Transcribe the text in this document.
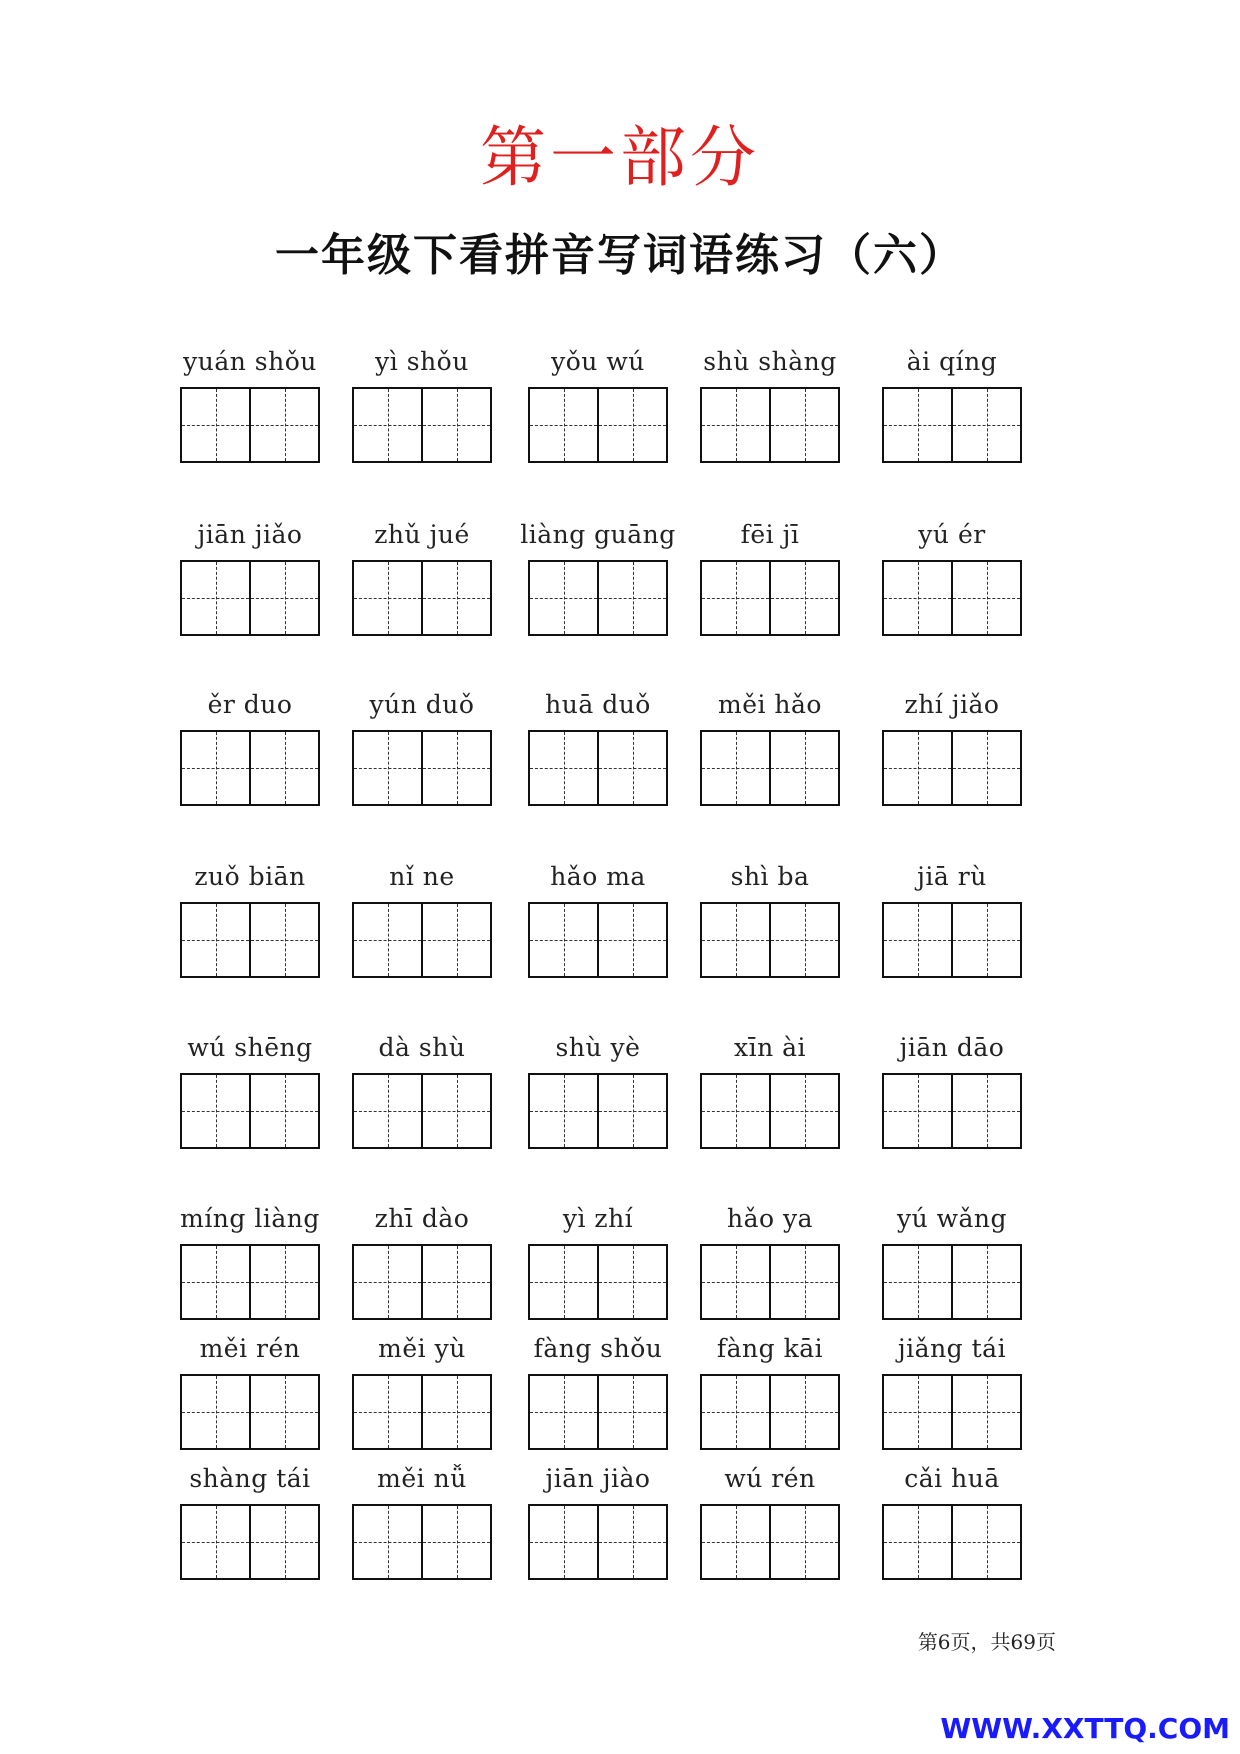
第一部分
一年级下看拼音写词语练习（六）
yuán shǒu	yì shǒu	yǒu wú	shù shàng	ài qíng
jiān jiǎo	zhǔ jué	liàng guāng	fēi jī	yú ér
ěr duo	yún duǒ	huā duǒ	měi hǎo	zhí jiǎo
zuǒ biān	nǐ ne	hǎo ma	shì ba	jiā rù
wú shēng	dà shù	shù yè	xīn ài	jiān dāo
míng liàng	zhī dào	yì zhí	hǎo ya	yú wǎng
měi rén	měi yù	fàng shǒu	fàng kāi	jiǎng tái
shàng tái	měi nǚ	jiān jiào	wú rén	cǎi huā
第6页，共69页
WWW.XXTTQ.COM
